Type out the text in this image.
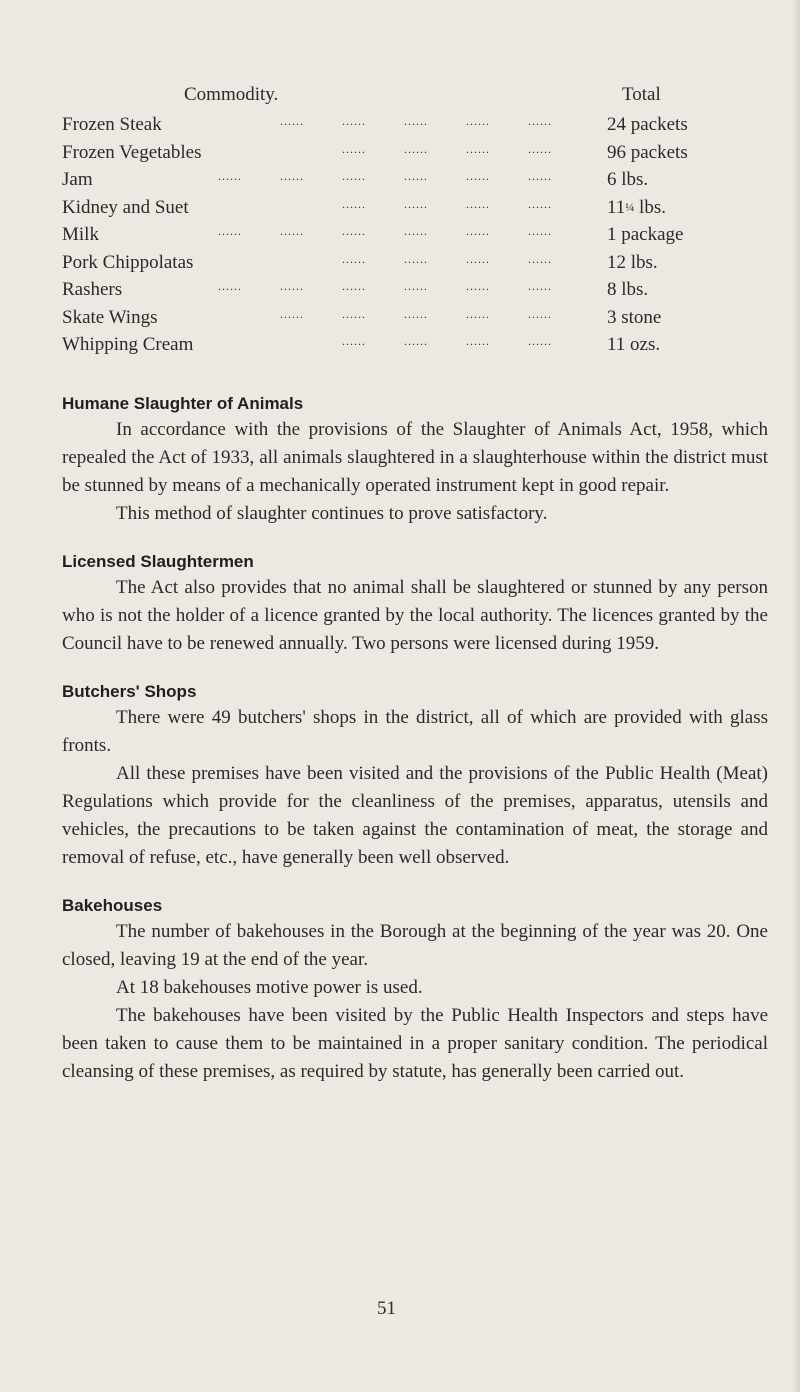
Commodity.	Total
Frozen Steak	......	......	......	......	......	24 packets
Frozen Vegetables	......	......	......	......	96 packets
Jam	......	......	......	......	......	......	6 lbs.
Kidney and Suet	......	......	......	......	11¼ lbs.
Milk	......	......	......	......	......	......	1 package
Pork Chippolatas	......	......	......	......	12 lbs.
Rashers	......	......	......	......	......	......	8 lbs.
Skate Wings	......	......	......	......	......	3 stone
Whipping Cream	......	......	......	......	11 ozs.
Humane Slaughter of Animals

In accordance with the provisions of the Slaughter of Animals Act, 1958, which repealed the Act of 1933, all animals slaughtered in a slaughterhouse within the district must be stunned by means of a mechanically operated instrument kept in good repair.

This method of slaughter continues to prove satisfactory.

Licensed Slaughtermen

The Act also provides that no animal shall be slaughtered or stunned by any person who is not the holder of a licence granted by the local authority. The licences granted by the Council have to be renewed annually. Two persons were licensed during 1959.

Butchers' Shops

There were 49 butchers' shops in the district, all of which are provided with glass fronts.

All these premises have been visited and the provisions of the Public Health (Meat) Regulations which provide for the cleanliness of the premises, apparatus, utensils and vehicles, the precautions to be taken against the contamination of meat, the storage and removal of refuse, etc., have generally been well observed.

Bakehouses

The number of bakehouses in the Borough at the beginning of the year was 20. One closed, leaving 19 at the end of the year.

At 18 bakehouses motive power is used.

The bakehouses have been visited by the Public Health Inspectors and steps have been taken to cause them to be maintained in a proper sanitary condition. The periodical cleansing of these premises, as required by statute, has generally been carried out.

51
